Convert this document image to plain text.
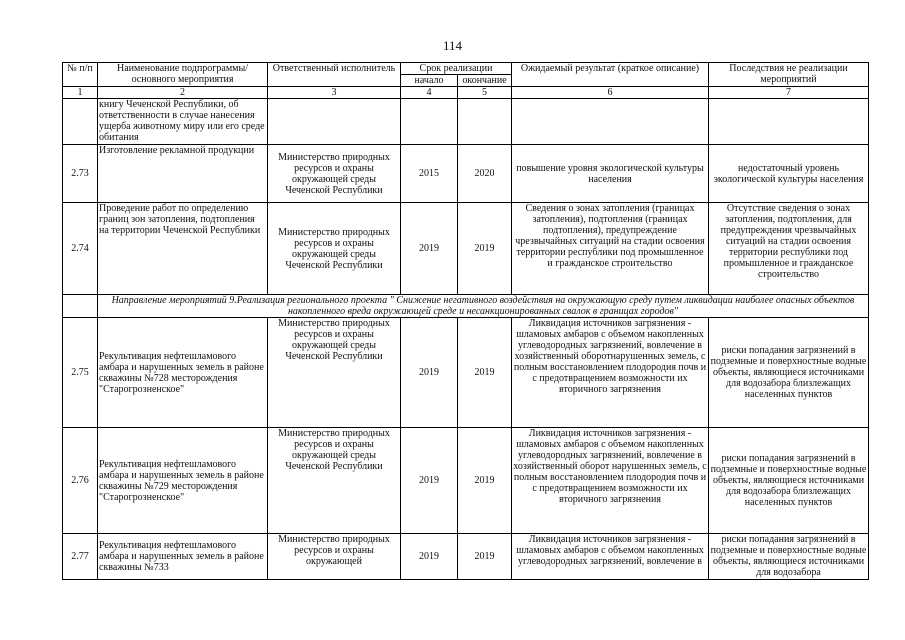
114
№ п/п	Наименование подпрограммы/ основного мероприятия	Ответственный исполнитель	Срок реализации		Ожидаемый результат (краткое описание)	Последствия не реализации мероприятий
			начало	окончание		
1	2	3	4	5	6	7
	книгу Чеченской Республики, об ответственности в случае нанесения ущерба животному миру или его среде обитания					
2.73	Изготовление рекламной продукции	Министерство природных ресурсов и охраны окружающей среды Чеченской Республики	2015	2020	повышение уровня экологической культуры населения	недостаточный уровень экологической культуры населения
2.74	Проведение работ по определению границ зон затопления, подтопления на территории Чеченской Республики	Министерство природных ресурсов и охраны окружающей среды Чеченской Республики	2019	2019	Сведения о зонах затопления (границах затопления), подтопления (границах подтопления), предупреждение чрезвычайных ситуаций на стадии освоения территории республики под промышленное и гражданское строительство	Отсутствие сведения о зонах затопления, подтопления, для предупреждения чрезвычайных ситуаций на стадии освоения территории республики под промышленное и гражданское строительство
	Направление мероприятий 9.Реализация регионального проекта " Снижение негативного воздействия на окружающую среду путем ликвидации наиболее опасных объектов накопленного вреда окружающей среде и несанкционированных свалок в границах городов"					
2.75	Рекультивация нефтешламового амбара и нарушенных земель в районе скважины №728 месторождения "Старогрозненское"	Министерство природных ресурсов и охраны окружающей среды Чеченской Республики	2019	2019	Ликвидация источников загрязнения - шламовых амбаров с объемом накопленных углеводородных загрязнений, вовлечение в хозяйственный оборотнарушенных земель, с полным восстановлением плодородия почв и с предотвращением возможности их вторичного загрязнения	риски попадания загрязнений в подземные и поверхностные водные объекты, являющиеся источниками для водозабора близлежащих населенных пунктов
2.76	Рекультивация нефтешламового амбара и нарушенных земель в районе скважины №729 месторождения "Старогрозненское"	Министерство природных ресурсов и охраны окружающей среды Чеченской Республики	2019	2019	Ликвидация источников загрязнения - шламовых амбаров с объемом накопленных углеводородных загрязнений, вовлечение в хозяйственный оборот нарушенных земель, с полным восстановлением плодородия почв и с предотвращением возможности их вторичного загрязнения	риски попадания загрязнений в подземные и поверхностные водные объекты, являющиеся источниками для водозабора близлежащих населенных пунктов
2.77	Рекультивация нефтешламового амбара и нарушенных земель в районе скважины №733	Министерство природных ресурсов и охраны окружающей	2019	2019	Ликвидация источников загрязнения - шламовых амбаров с объемом накопленных углеводородных загрязнений, вовлечение в	риски попадания загрязнений в подземные и поверхностные водные объекты, являющиеся источниками для водозабора
